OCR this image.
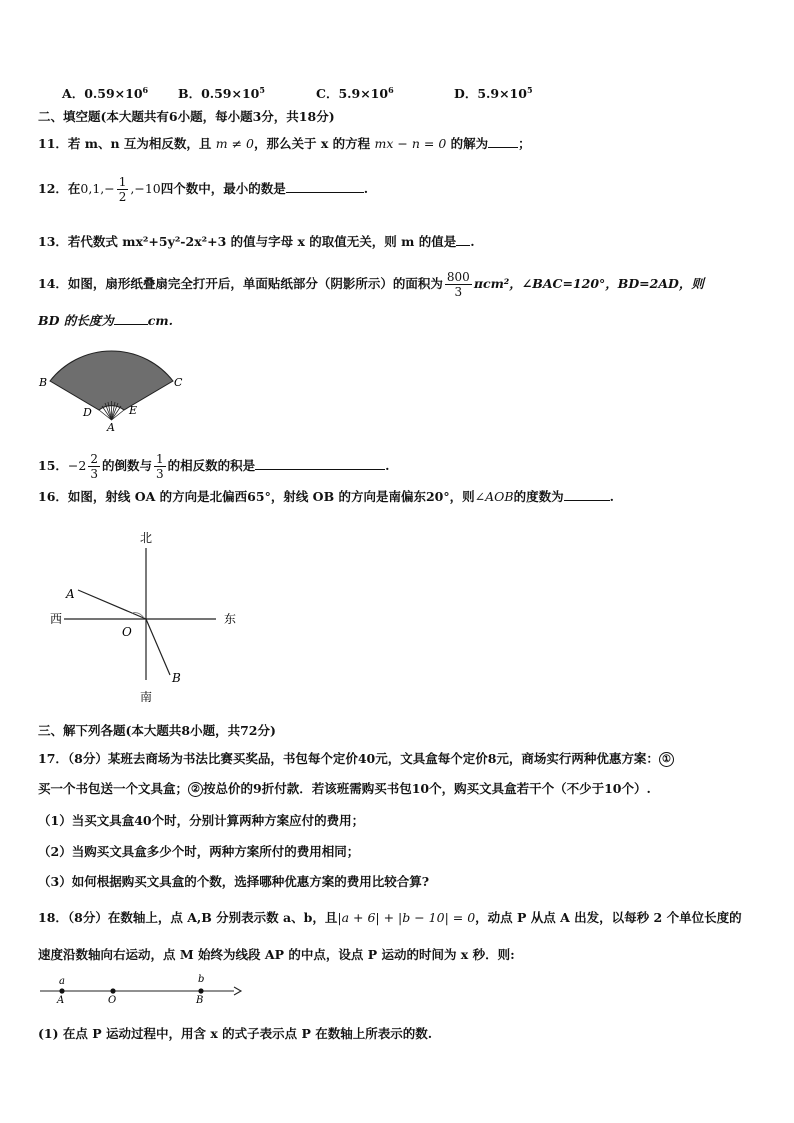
A．$0.59\times 10^6$ B．$0.59\times 10^5$	C．$5.9\times 10^6$	D．$5.9\times 10^5$
二、填空题(本大题共有6小题，每小题3分，共18分)
11．若 m、n 互为相反数，且 m ≠ 0，那么关于 x 的方程 mx − n = 0 的解为 ；
12．在$0,1,- \frac{1}{2} ,-10$四个数中，最小的数是	.
13．若代数式 mx²+5y²-2x²+3 的值与字母 x 的取值无关，则 m 的值是 .
14．如图，扇形纸叠扇完全打开后，单面贴纸部分（阴影所示）的面积为 $\frac{800}{3} \pi cm^2$，∠BAC=120°，BD=2AD，则
BD 的长度为	cm.
B	C
D	E
A
15．$-2 \frac{2}{3}$ 的倒数与 $\frac{1}{3}$ 的相反数的积是	.
16．如图，射线 OA 的方向是北偏西65°，射线 OB 的方向是南偏东20°，则∠AOB的度数为	.
北
南
西	东
O
A
B
三、解下列各题(本大题共8小题，共72分)
17．（8分）某班去商场为书法比赛买奖品，书包每个定价40元，文具盒每个定价8元，商场实行两种优惠方案： ①
买一个书包送一个文具盒； ② 按总价的9折付款．若该班需购买书包10个，购买文具盒若干个（不少于10个）.
（1）当买文具盒40个时，分别计算两种方案应付的费用；
（2）当购买文具盒多少个时，两种方案所付的费用相同；
（3）如何根据购买文具盒的个数，选择哪种优惠方案的费用比较合算?
18．（8分）在数轴上，点 A,B 分别表示数 a、b，且|a + 6| + |b − 10| = 0，动点 P 从点 A 出发，以每秒 2 个单位长度的
速度沿数轴向右运动，点 M 始终为线段 AP 的中点，设点 P 运动的时间为 x 秒．则:
a	b
A	O	B
(1) 在点 P 运动过程中，用含 x 的式子表示点 P 在数轴上所表示的数.
